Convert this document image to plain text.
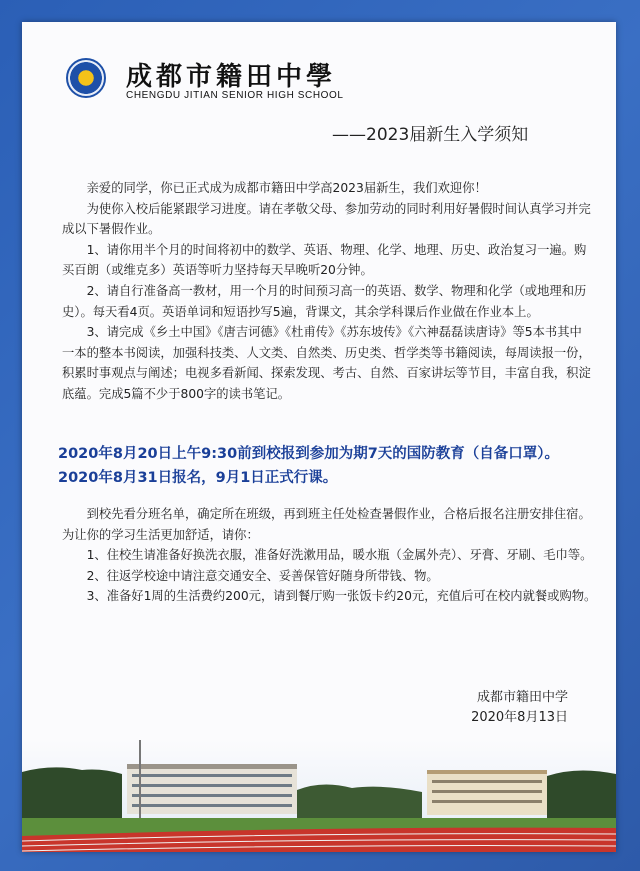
成都市籍田中學
CHENGDU JITIAN SENIOR HIGH SCHOOL
——2023届新生入学须知

亲爱的同学，你已正式成为成都市籍田中学高2023届新生，我们欢迎你！

为使你入校后能紧跟学习进度。请在孝敬父母、参加劳动的同时利用好暑假时间认真学习并完成以下暑假作业。

1、请你用半个月的时间将初中的数学、英语、物理、化学、地理、历史、政治复习一遍。购买百朗（或维克多）英语等听力坚持每天早晚听20分钟。

2、请自行准备高一教材，用一个月的时间预习高一的英语、数学、物理和化学（或地理和历史）。每天看4页。英语单词和短语抄写5遍，背课文，其余学科课后作业做在作业本上。

3、请完成《乡土中国》《唐吉诃德》《杜甫传》《苏东坡传》《六神磊磊读唐诗》等5本书其中一本的整本书阅读，加强科技类、人文类、自然类、历史类、哲学类等书籍阅读，每周读报一份，积累时事观点与阐述；电视多看新闻、探索发现、考古、自然、百家讲坛等节目，丰富自我，积淀底蕴。完成5篇不少于800字的读书笔记。

2020年8月20日上午9:30前到校报到参加为期7天的国防教育（自备口罩）。
2020年8月31日报名，9月1日正式行课。

到校先看分班名单，确定所在班级，再到班主任处检查暑假作业，合格后报名注册安排住宿。为让你的学习生活更加舒适，请你：

1、住校生请准备好换洗衣服，准备好洗漱用品，暖水瓶（金属外壳）、牙膏、牙刷、毛巾等。

2、往返学校途中请注意交通安全、妥善保管好随身所带钱、物。

3、准备好1周的生活费约200元，请到餐厅购一张饭卡约20元，充值后可在校内就餐或购物。

成都市籍田中学
2020年8月13日
